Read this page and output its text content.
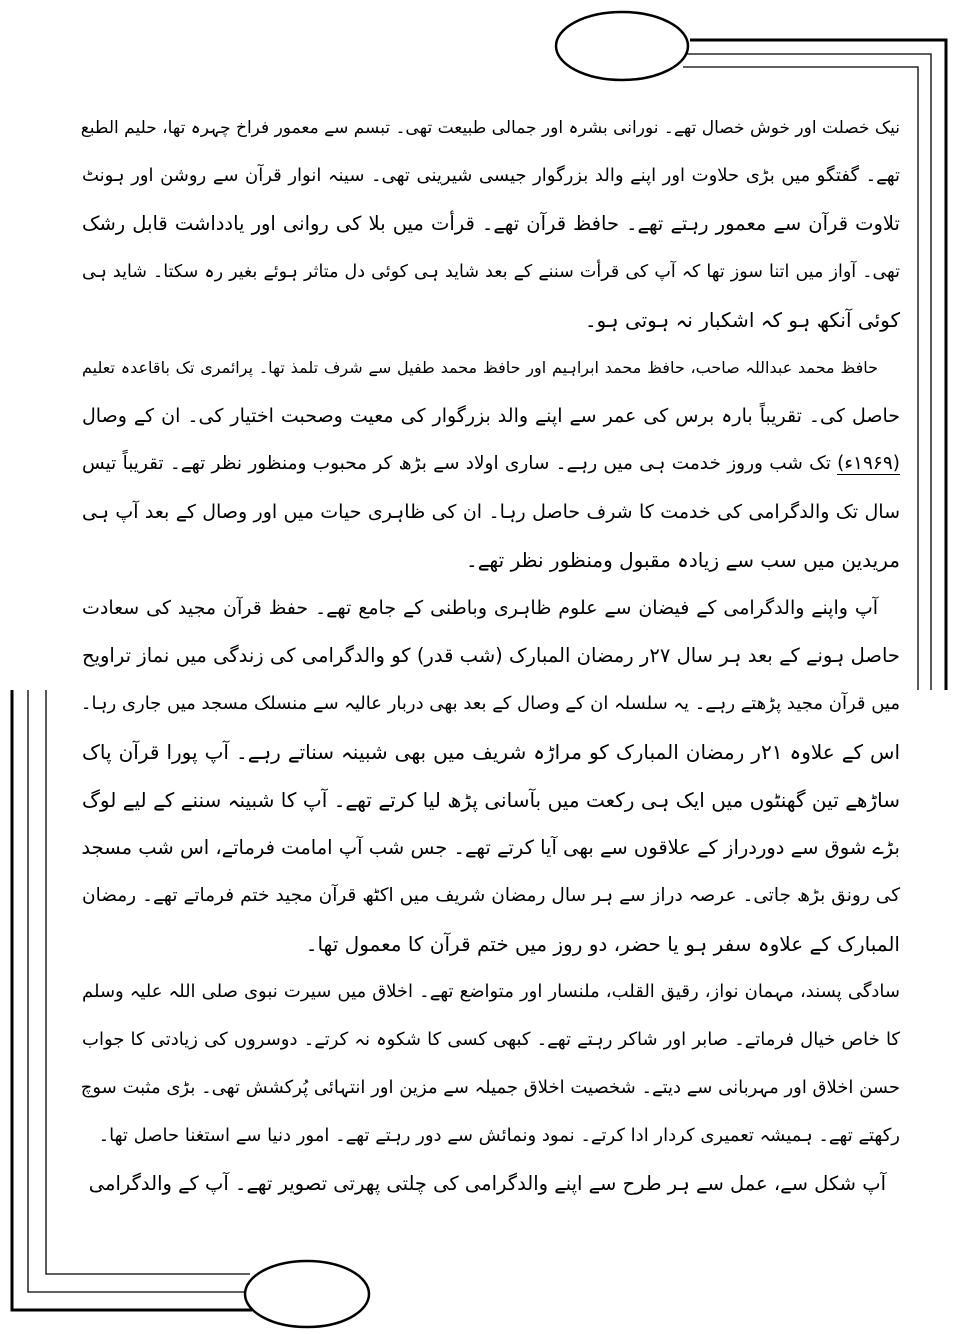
نیک خصلت اور خوش خصال تھے۔ نورانی بشرہ اور جمالی طبیعت تھی۔ تبسم سے معمور فراخ چہرہ تھا، حلیم الطبع
تھے۔ گفتگو میں بڑی حلاوت اور اپنے والد بزرگوار جیسی شیرینی تھی۔ سینہ انوار قرآن سے روشن اور ہونٹ
تلاوت قرآن سے معمور رہتے تھے۔ حافظ قرآن تھے۔ قرأت میں بلا کی روانی اور یادداشت قابل رشک
تھی۔ آواز میں اتنا سوز تھا کہ آپ کی قرأت سننے کے بعد شاید ہی کوئی دل متاثر ہوئے بغیر رہ سکتا۔ شاید ہی
کوئی آنکھ ہو کہ اشکبار نہ ہوتی ہو۔
حافظ محمد عبداللہ صاحب، حافظ محمد ابراہیم اور حافظ محمد طفیل سے شرف تلمذ تھا۔ پرائمری تک باقاعدہ تعلیم
حاصل کی۔ تقریباً بارہ برس کی عمر سے اپنے والد بزرگوار کی معیت وصحبت اختیار کی۔ ان کے وصال
(۱۹۶۹ء) تک شب وروز خدمت ہی میں رہے۔ ساری اولاد سے بڑھ کر محبوب ومنظور نظر تھے۔ تقریباً تیس
سال تک والدگرامی کی خدمت کا شرف حاصل رہا۔ ان کی ظاہری حیات میں اور وصال کے بعد آپ ہی
مریدین میں سب سے زیادہ مقبول ومنظور نظر تھے۔
آپ واپنے والدگرامی کے فیضان سے علوم ظاہری وباطنی کے جامع تھے۔ حفظ قرآن مجید کی سعادت
حاصل ہونے کے بعد ہر سال ۲۷ر رمضان المبارک (شب قدر) کو والدگرامی کی زندگی میں نماز تراویح
میں قرآن مجید پڑھتے رہے۔ یہ سلسلہ ان کے وصال کے بعد بھی دربار عالیہ سے منسلک مسجد میں جاری رہا۔
اس کے علاوہ ۲۱ر رمضان المبارک کو مراڑہ شریف میں بھی شبینہ سناتے رہے۔ آپ پورا قرآن پاک
ساڑھے تین گھنٹوں میں ایک ہی رکعت میں بآسانی پڑھ لیا کرتے تھے۔ آپ کا شبینہ سننے کے لیے لوگ
بڑے شوق سے دوردراز کے علاقوں سے بھی آیا کرتے تھے۔ جس شب آپ امامت فرماتے، اس شب مسجد
کی رونق بڑھ جاتی۔ عرصہ دراز سے ہر سال رمضان شریف میں اکٹھ قرآن مجید ختم فرماتے تھے۔ رمضان
المبارک کے علاوہ سفر ہو یا حضر، دو روز میں ختم قرآن کا معمول تھا۔
سادگی پسند، مہمان نواز، رقیق القلب، ملنسار اور متواضع تھے۔ اخلاق میں سیرت نبوی صلی اللہ علیہ وسلم
کا خاص خیال فرماتے۔ صابر اور شاکر رہتے تھے۔ کبھی کسی کا شکوہ نہ کرتے۔ دوسروں کی زیادتی کا جواب
حسن اخلاق اور مہربانی سے دیتے۔ شخصیت اخلاق جمیلہ سے مزین اور انتہائی پُرکشش تھی۔ بڑی مثبت سوچ
رکھتے تھے۔ ہمیشہ تعمیری کردار ادا کرتے۔ نمود ونمائش سے دور رہتے تھے۔ امور دنیا سے استغنا حاصل تھا۔
آپ شکل سے، عمل سے ہر طرح سے اپنے والدگرامی کی چلتی پھرتی تصویر تھے۔ آپ کے والدگرامی
